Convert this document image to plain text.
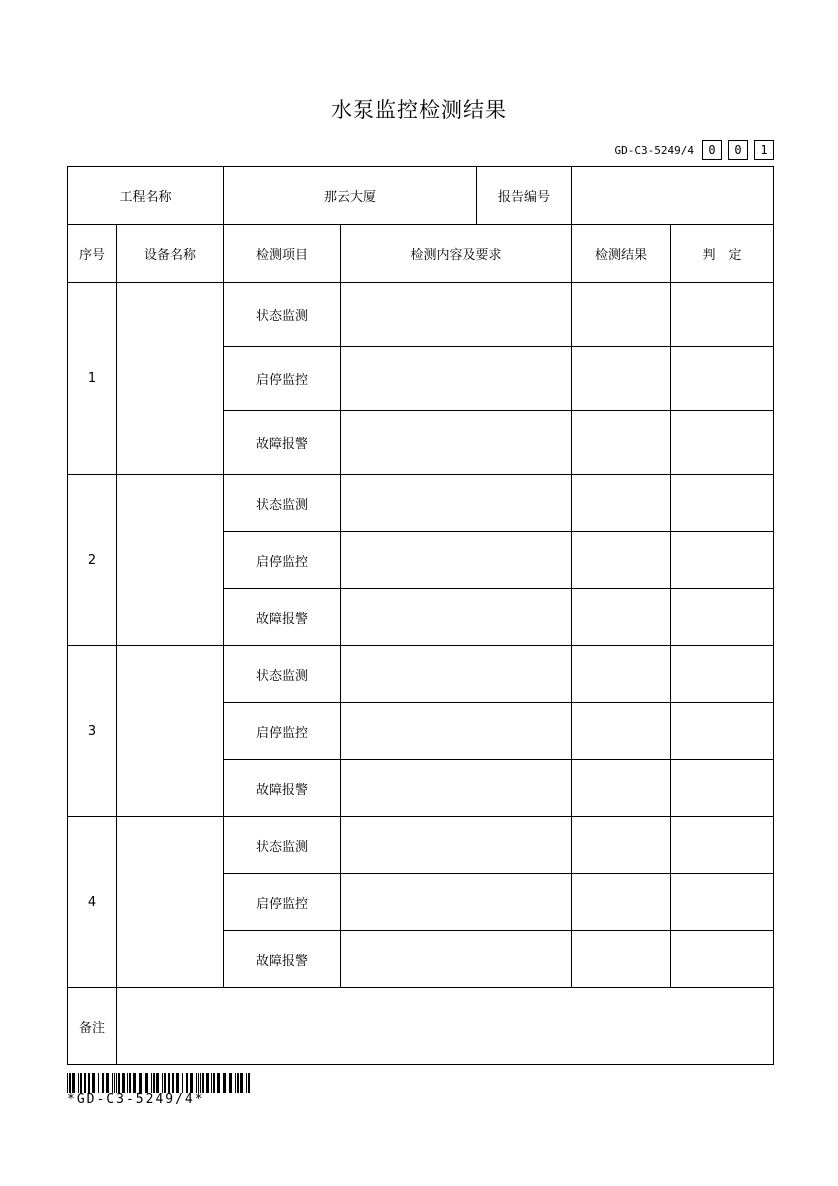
水泵监控检测结果
GD-C3-5249/4	0	0	1
工程名称		那云大厦		报告编号		
序号	设备名称	检测项目	检测内容及要求		检测结果	判　定
1		状态监测				
		启停监控				
		故障报警				
2		状态监测				
		启停监控				
		故障报警				
3		状态监测				
		启停监控				
		故障报警				
4		状态监测				
		启停监控				
		故障报警				
备注						
*GD-C3-5249/4*
